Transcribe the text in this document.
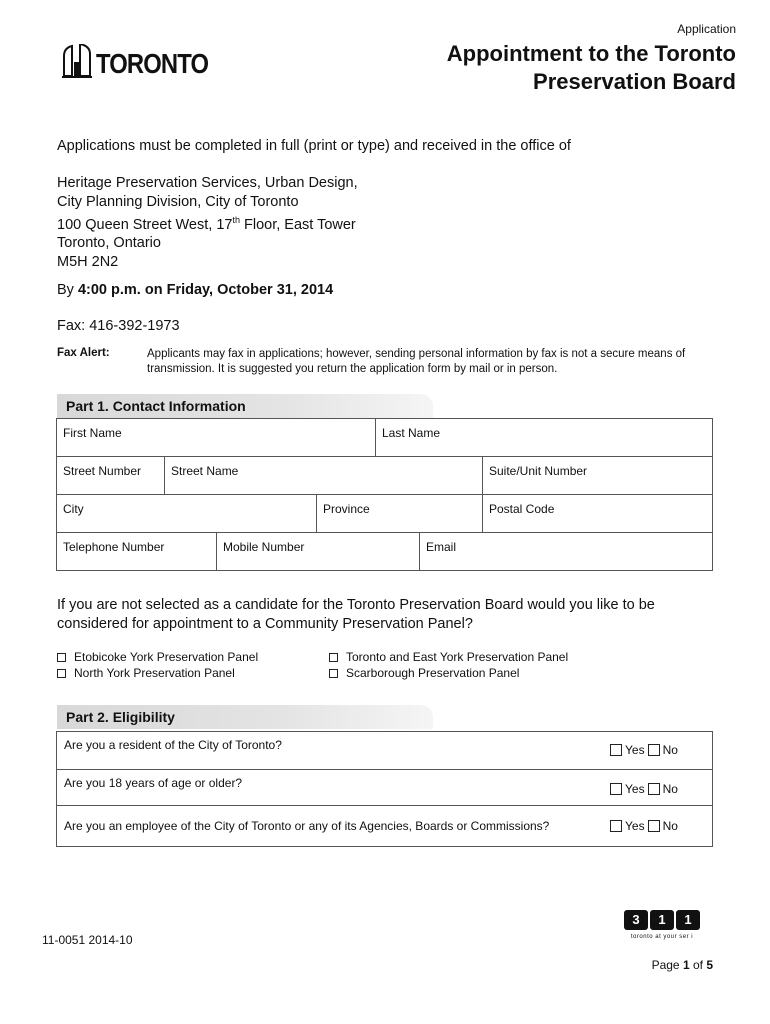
TORONTO
Application
Appointment to the Toronto
Preservation Board
Applications must be completed in full (print or type) and received in the office of
Heritage Preservation Services, Urban Design,
City Planning Division, City of Toronto
100 Queen Street West, 17th Floor, East Tower
Toronto, Ontario
M5H 2N2
By 4:00 p.m. on Friday, October 31, 2014
Fax: 416-392-1973
Fax Alert:	Applicants may fax in applications; however, sending personal information by fax is not a secure means of transmission. It is suggested you return the application form by mail or in person.
Part 1. Contact Information
First Name	Last Name
Street Number	Street Name	Suite/Unit Number
City	Province	Postal Code
Telephone Number	Mobile Number	Email
If you are not selected as a candidate for the Toronto Preservation Board would you like to be considered for appointment to a Community Preservation Panel?
Etobicoke York Preservation Panel
North York Preservation Panel
Toronto and East York Preservation Panel
Scarborough Preservation Panel
Part 2. Eligibility
Are you a resident of the City of Toronto?	Yes No
Are you 18 years of age or older?	Yes No
Are you an employee of the City of Toronto or any of its Agencies, Boards or Commissions?	Yes No
3	1	1
toronto at your ser i
11-0051 2014-10
Page 1 of 5
